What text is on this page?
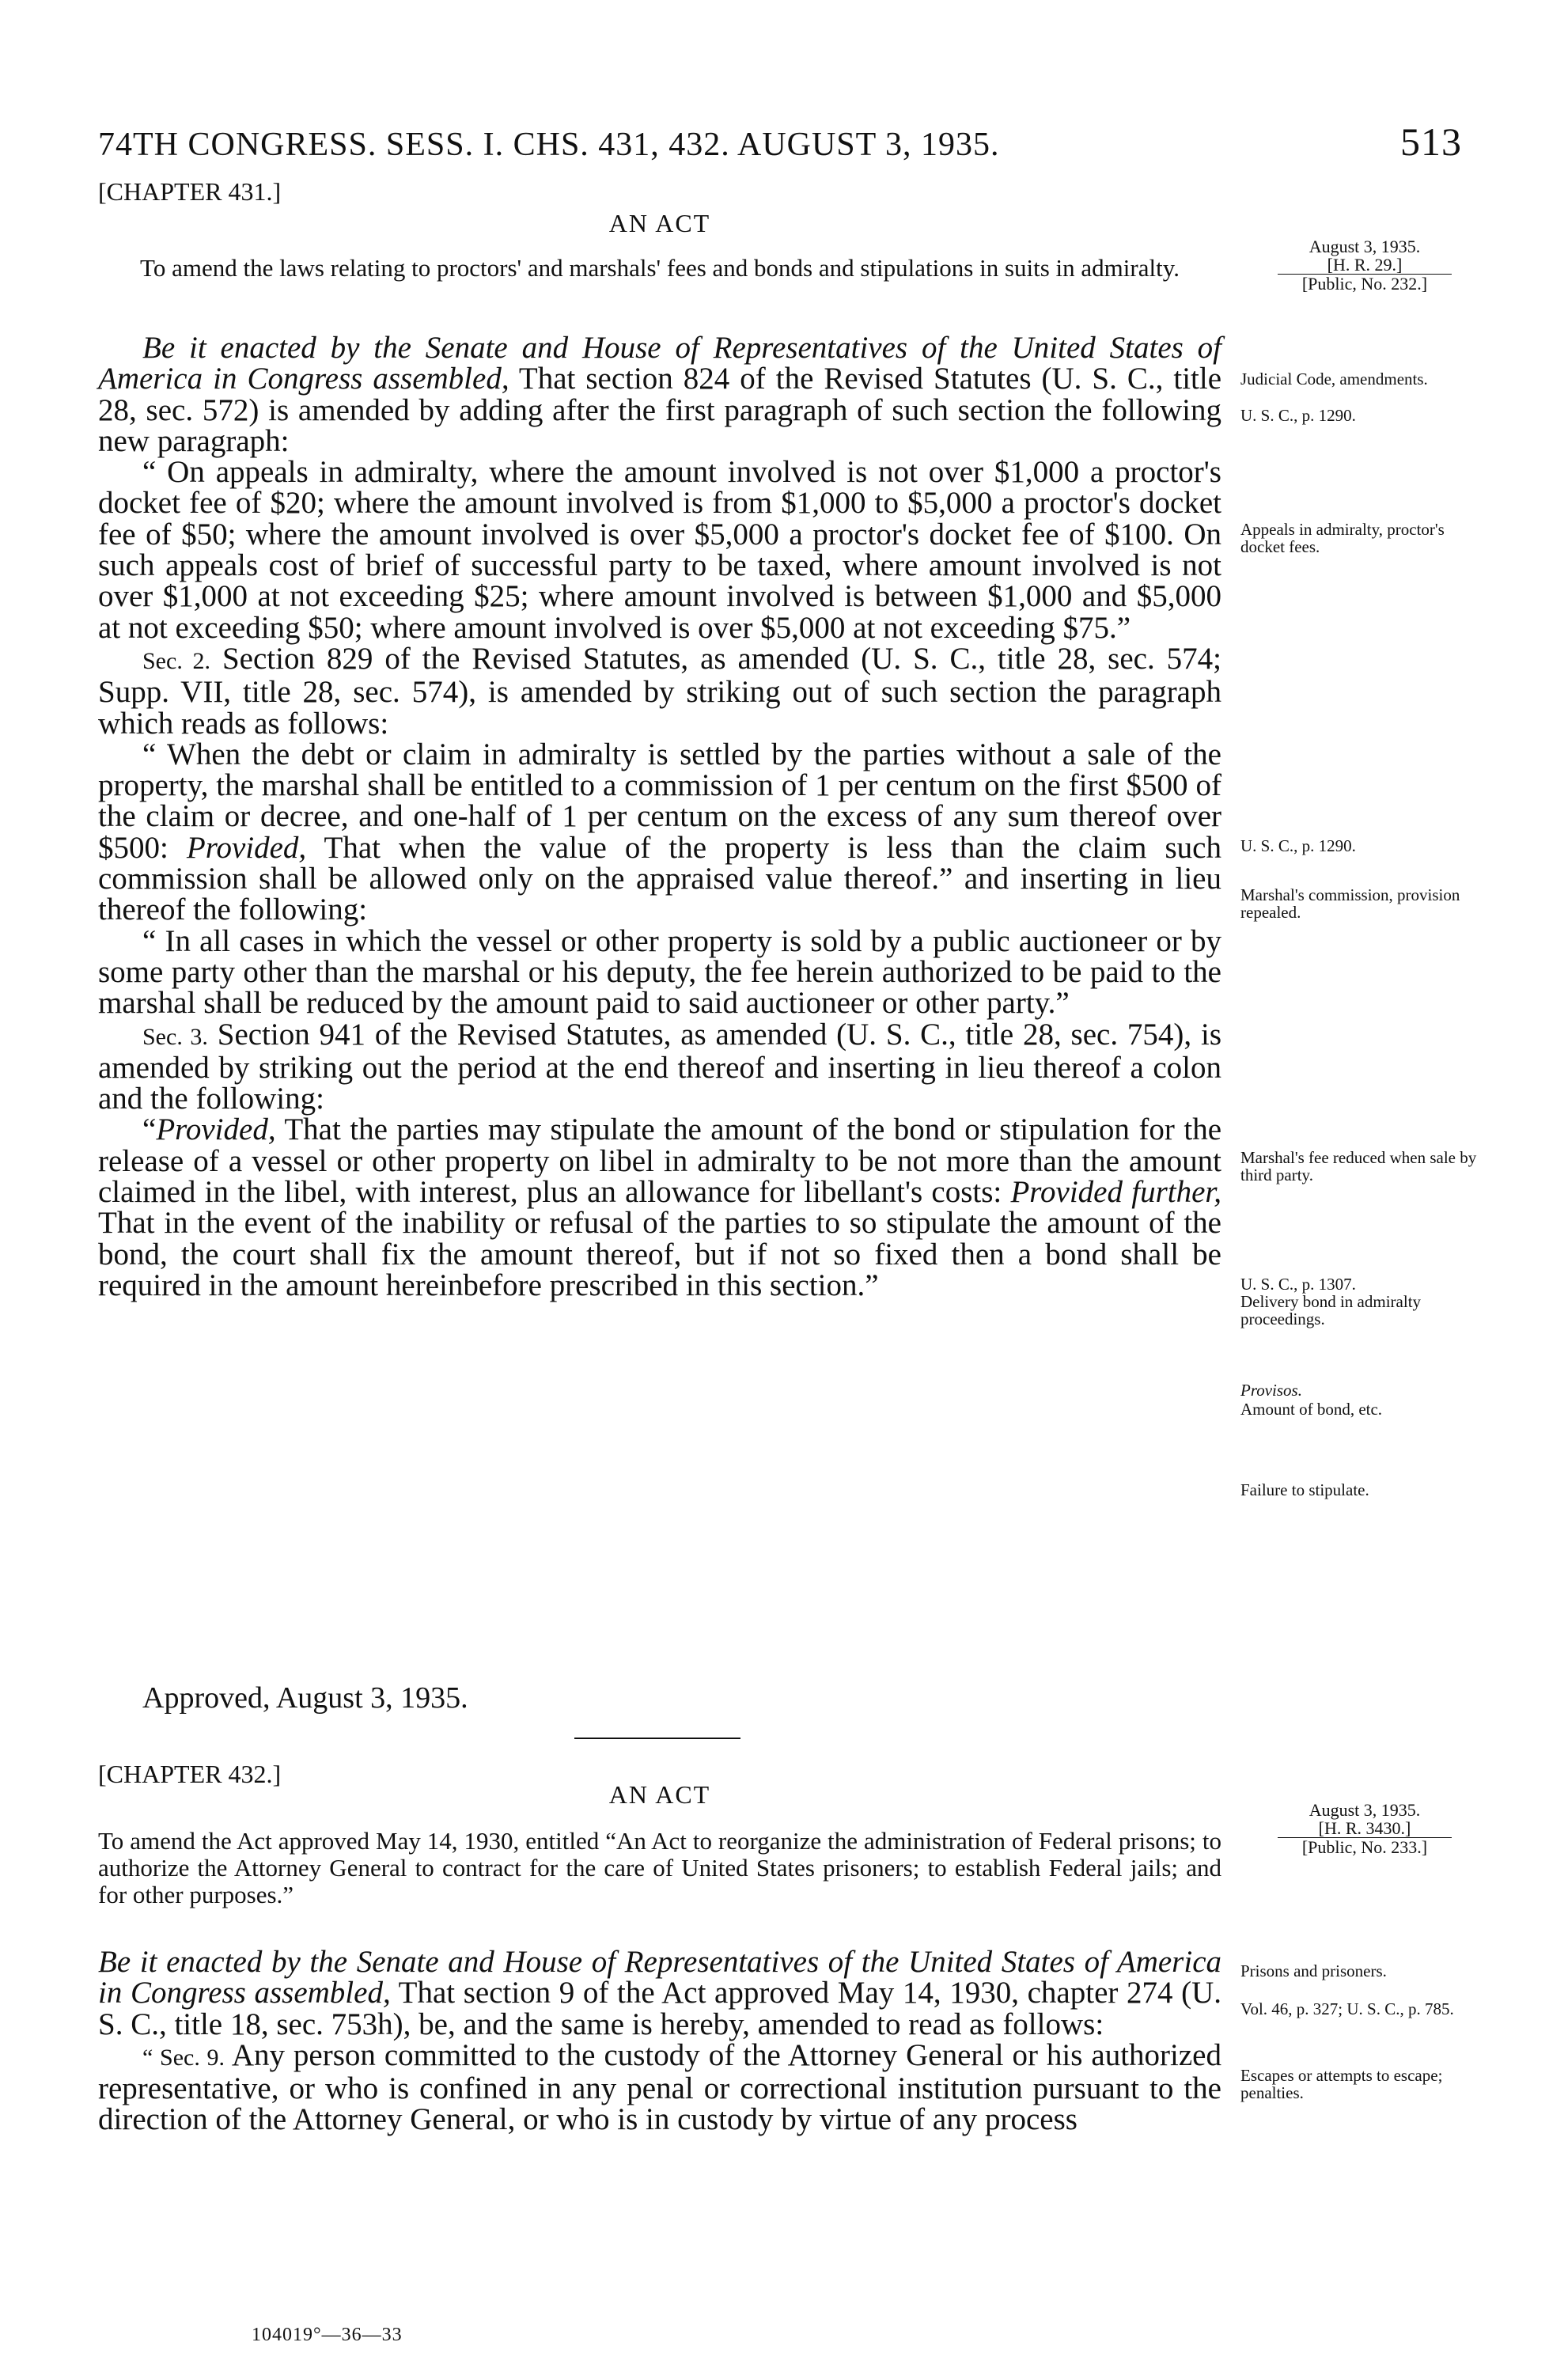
74TH CONGRESS. SESS. I. CHS. 431, 432. AUGUST 3, 1935.	513
[CHAPTER 431.]
AN ACT
August 3, 1935.
[H. R. 29.]
[Public, No. 232.]
To amend the laws relating to proctors' and marshals' fees and bonds and stipulations in suits in admiralty.

Be it enacted by the Senate and House of Representatives of the United States of America in Congress assembled, That section 824 of the Revised Statutes (U. S. C., title 28, sec. 572) is amended by adding after the first paragraph of such section the following new paragraph:

“ On appeals in admiralty, where the amount involved is not over $1,000 a proctor's docket fee of $20; where the amount involved is from $1,000 to $5,000 a proctor's docket fee of $50; where the amount involved is over $5,000 a proctor's docket fee of $100. On such appeals cost of brief of successful party to be taxed, where amount involved is not over $1,000 at not exceeding $25; where amount involved is between $1,000 and $5,000 at not exceeding $50; where amount involved is over $5,000 at not exceeding $75.”

Sec. 2. Section 829 of the Revised Statutes, as amended (U. S. C., title 28, sec. 574; Supp. VII, title 28, sec. 574), is amended by striking out of such section the paragraph which reads as follows:

“ When the debt or claim in admiralty is settled by the parties without a sale of the property, the marshal shall be entitled to a commission of 1 per centum on the first $500 of the claim or decree, and one-half of 1 per centum on the excess of any sum thereof over $500: Provided, That when the value of the property is less than the claim such commission shall be allowed only on the appraised value thereof.” and inserting in lieu thereof the following:

“ In all cases in which the vessel or other property is sold by a public auctioneer or by some party other than the marshal or his deputy, the fee herein authorized to be paid to the marshal shall be reduced by the amount paid to said auctioneer or other party.”

Sec. 3. Section 941 of the Revised Statutes, as amended (U. S. C., title 28, sec. 754), is amended by striking out the period at the end thereof and inserting in lieu thereof a colon and the following:

“Provided, That the parties may stipulate the amount of the bond or stipulation for the release of a vessel or other property on libel in admiralty to be not more than the amount claimed in the libel, with interest, plus an allowance for libellant's costs: Provided further, That in the event of the inability or refusal of the parties to so stipulate the amount of the bond, the court shall fix the amount thereof, but if not so fixed then a bond shall be required in the amount hereinbefore prescribed in this section.”

Approved, August 3, 1935.
[CHAPTER 432.]
AN ACT
August 3, 1935.
[H. R. 3430.]
[Public, No. 233.]
To amend the Act approved May 14, 1930, entitled “An Act to reorganize the administration of Federal prisons; to authorize the Attorney General to contract for the care of United States prisoners; to establish Federal jails; and for other purposes.”

Be it enacted by the Senate and House of Representatives of the United States of America in Congress assembled, That section 9 of the Act approved May 14, 1930, chapter 274 (U. S. C., title 18, sec. 753h), be, and the same is hereby, amended to read as follows:

“ Sec. 9. Any person committed to the custody of the Attorney General or his authorized representative, or who is confined in any penal or correctional institution pursuant to the direction of the Attorney General, or who is in custody by virtue of any process

Judicial Code, amendments.
U. S. C., p. 1290.
Appeals in admiralty, proctor's docket fees.
U. S. C., p. 1290.
Marshal's commission, provision repealed.
Marshal's fee reduced when sale by third party.
U. S. C., p. 1307.
Delivery bond in admiralty proceedings.
Provisos.
Amount of bond, etc.
Failure to stipulate.
Prisons and prisoners.
Vol. 46, p. 327; U. S. C., p. 785.
Escapes or attempts to escape; penalties.
104019°—36—33
